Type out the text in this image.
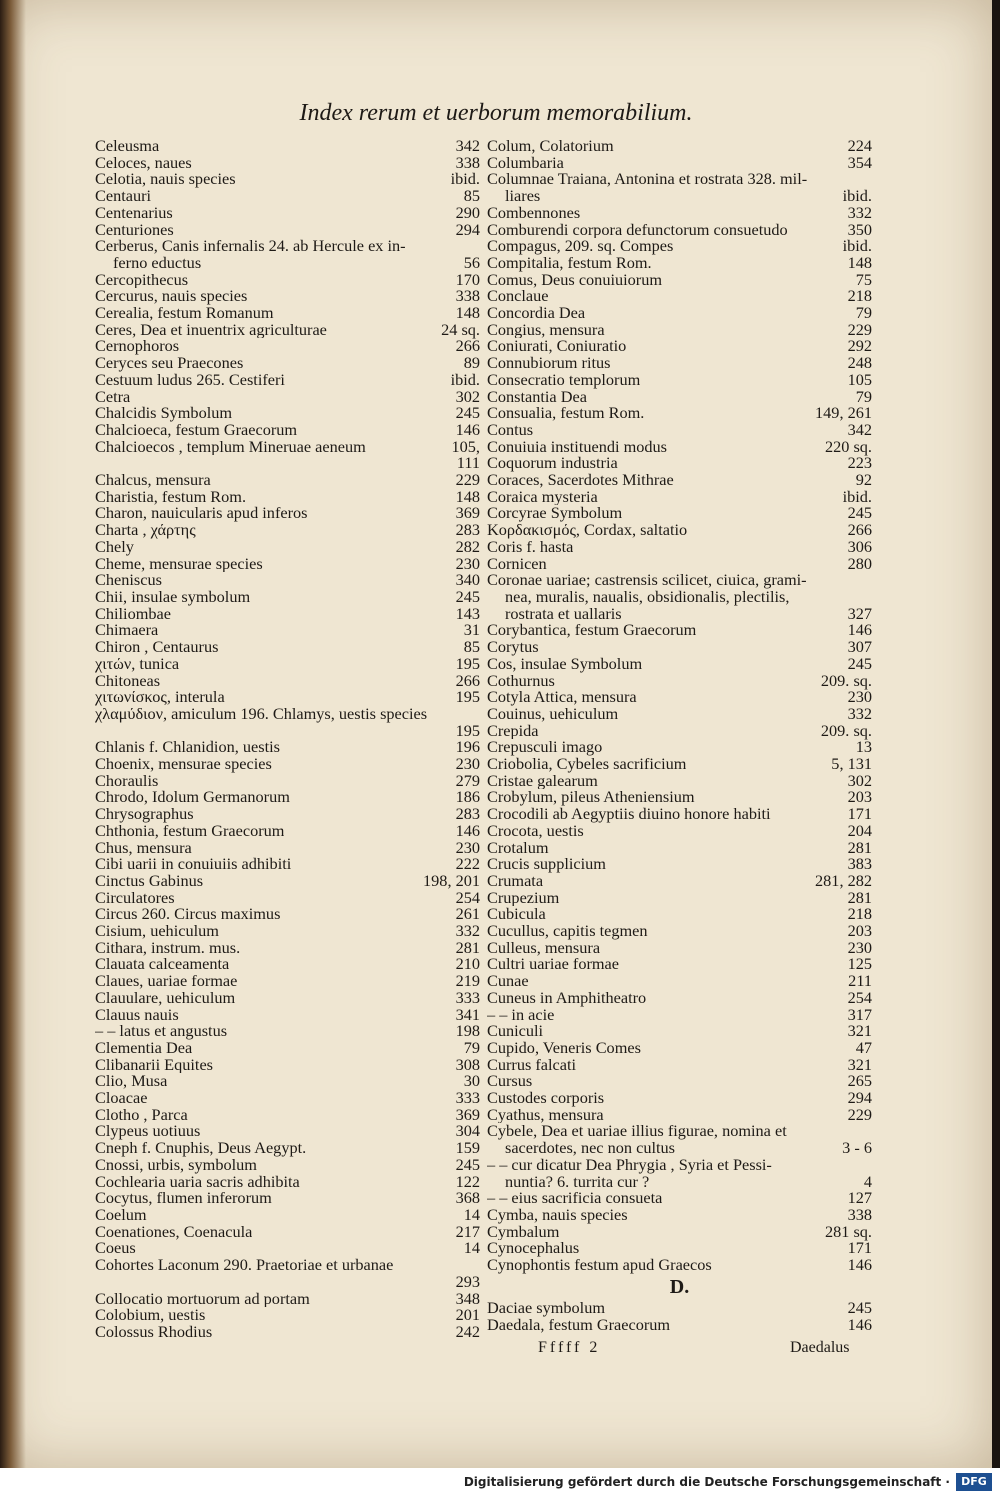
Index rerum et uerborum memorabilium.
Celeusma	342
Celoces, naues	338
Celotia, nauis species	ibid.
Centauri	85
Centenarius	290
Centuriones	294
Cerberus, Canis infernalis 24. ab Hercule ex in-
ferno eductus	56
Cercopithecus	170
Cercurus, nauis species	338
Cerealia, festum Romanum	148
Ceres, Dea et inuentrix agriculturae	24 sq.
Cernophoros	266
Ceryces seu Praecones	89
Cestuum ludus 265. Cestiferi	ibid.
Cetra	302
Chalcidis Symbolum	245
Chalcioeca, festum Graecorum	146
Chalcioecos , templum Mineruae aeneum	105,
111
Chalcus, mensura	229
Charistia, festum Rom.	148
Charon, nauicularis apud inferos	369
Charta , χάρτης	283
Chely	282
Cheme, mensurae species	230
Cheniscus	340
Chii, insulae symbolum	245
Chiliombae	143
Chimaera	31
Chiron , Centaurus	85
χιτών, tunica	195
Chitoneas	266
χιτωνίσκος, interula	195
χλαμύδιον, amiculum 196. Chlamys, uestis species
195
Chlanis f. Chlanidion, uestis	196
Choenix, mensurae species	230
Choraulis	279
Chrodo, Idolum Germanorum	186
Chrysographus	283
Chthonia, festum Graecorum	146
Chus, mensura	230
Cibi uarii in conuiuiis adhibiti	222
Cinctus Gabinus	198, 201
Circulatores	254
Circus 260. Circus maximus	261
Cisium, uehiculum	332
Cithara, instrum. mus.	281
Clauata calceamenta	210
Claues, uariae formae	219
Clauulare, uehiculum	333
Clauus nauis	341
– – latus et angustus	198
Clementia Dea	79
Clibanarii Equites	308
Clio, Musa	30
Cloacae	333
Clotho , Parca	369
Clypeus uotiuus	304
Cneph f. Cnuphis, Deus Aegypt.	159
Cnossi, urbis, symbolum	245
Cochlearia uaria sacris adhibita	122
Cocytus, flumen inferorum	368
Coelum	14
Coenationes, Coenacula	217
Coeus	14
Cohortes Laconum 290. Praetoriae et urbanae
293
Collocatio mortuorum ad portam	348
Colobium, uestis	201
Colossus Rhodius	242
Colum, Colatorium	224
Columbaria	354
Columnae Traiana, Antonina et rostrata 328. mil-
liares	ibid.
Combennones	332
Comburendi corpora defunctorum consuetudo	350
Compagus, 209. sq. Compes	ibid.
Compitalia, festum Rom.	148
Comus, Deus conuiuiorum	75
Conclaue	218
Concordia Dea	79
Congius, mensura	229
Coniurati, Coniuratio	292
Connubiorum ritus	248
Consecratio templorum	105
Constantia Dea	79
Consualia, festum Rom.	149, 261
Contus	342
Conuiuia instituendi modus	220 sq.
Coquorum industria	223
Coraces, Sacerdotes Mithrae	92
Coraica mysteria	ibid.
Corcyrae Symbolum	245
Κορδακισμός, Cordax, saltatio	266
Coris f. hasta	306
Cornicen	280
Coronae uariae; castrensis scilicet, ciuica, grami-
nea, muralis, naualis, obsidionalis, plectilis,
rostrata et uallaris	327
Corybantica, festum Graecorum	146
Corytus	307
Cos, insulae Symbolum	245
Cothurnus	209. sq.
Cotyla Attica, mensura	230
Couinus, uehiculum	332
Crepida	209. sq.
Crepusculi imago	13
Criobolia, Cybeles sacrificium	5, 131
Cristae galearum	302
Crobylum, pileus Atheniensium	203
Crocodili ab Aegyptiis diuino honore habiti	171
Crocota, uestis	204
Crotalum	281
Crucis supplicium	383
Crumata	281, 282
Crupezium	281
Cubicula	218
Cucullus, capitis tegmen	203
Culleus, mensura	230
Cultri uariae formae	125
Cunae	211
Cuneus in Amphitheatro	254
– – in acie	317
Cuniculi	321
Cupido, Veneris Comes	47
Currus falcati	321
Cursus	265
Custodes corporis	294
Cyathus, mensura	229
Cybele, Dea et uariae illius figurae, nomina et
sacerdotes, nec non cultus	3 - 6
– – cur dicatur Dea Phrygia , Syria et Pessi-
nuntia? 6. turrita cur ?	4
– – eius sacrificia consueta	127
Cymba, nauis species	338
Cymbalum	281 sq.
Cynocephalus	171
Cynophontis festum apud Graecos	146
D.
Daciae symbolum	245
Daedala, festum Graecorum	146
Fffff 2	Daedalus
Digitalisierung gefördert durch die Deutsche Forschungsgemeinschaft ·	DFG
